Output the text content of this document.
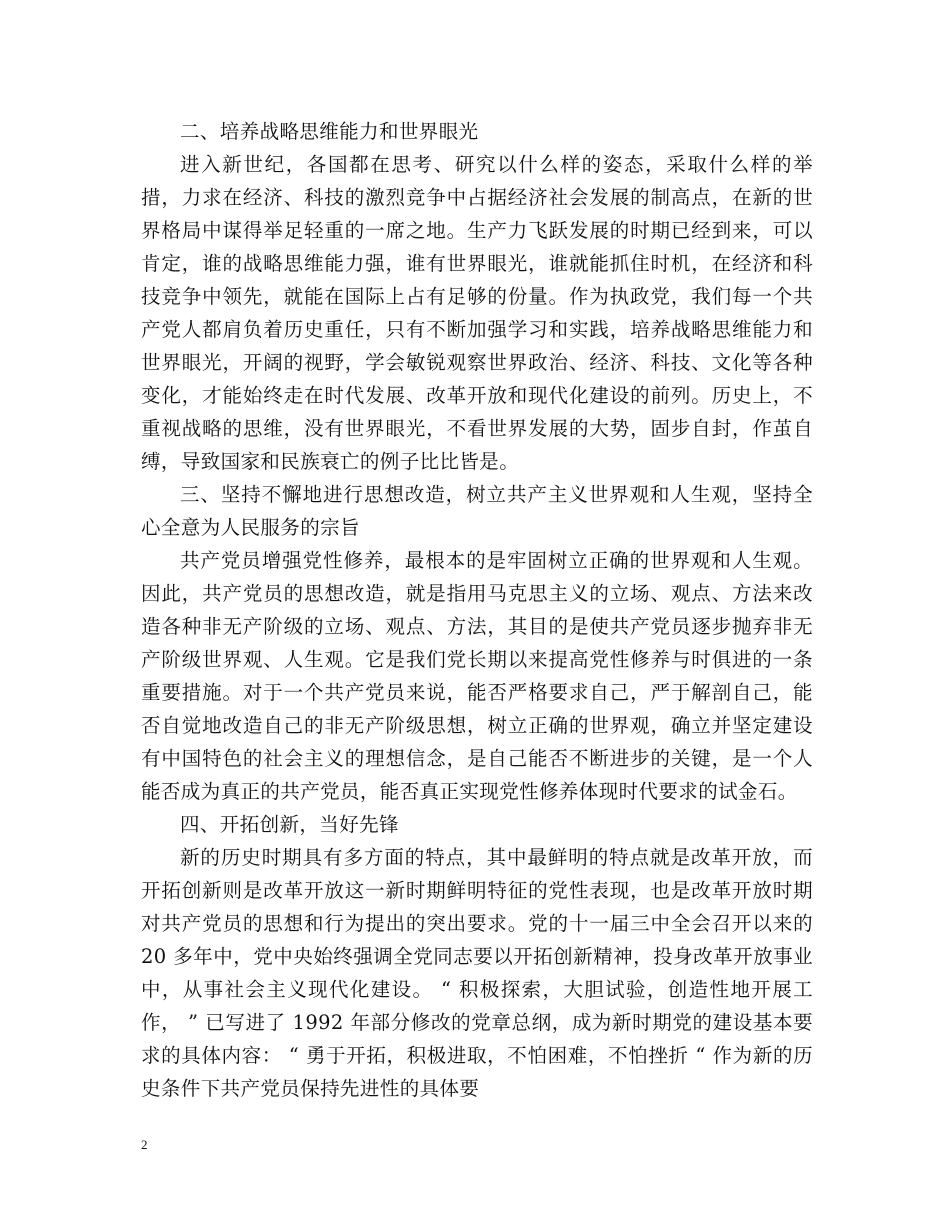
二、培养战略思维能力和世界眼光

进入新世纪，各国都在思考、研究以什么样的姿态，采取什么样的举措，力求在经济、科技的激烈竞争中占据经济社会发展的制高点，在新的世界格局中谋得举足轻重的一席之地。生产力飞跃发展的时期已经到来，可以肯定，谁的战略思维能力强，谁有世界眼光，谁就能抓住时机，在经济和科技竞争中领先，就能在国际上占有足够的份量。作为执政党，我们每一个共产党人都肩负着历史重任，只有不断加强学习和实践，培养战略思维能力和世界眼光，开阔的视野，学会敏锐观察世界政治、经济、科技、文化等各种变化，才能始终走在时代发展、改革开放和现代化建设的前列。历史上，不重视战略的思维，没有世界眼光，不看世界发展的大势，固步自封，作茧自缚，导致国家和民族衰亡的例子比比皆是。

三、坚持不懈地进行思想改造，树立共产主义世界观和人生观，坚持全心全意为人民服务的宗旨

共产党员增强党性修养，最根本的是牢固树立正确的世界观和人生观。因此，共产党员的思想改造，就是指用马克思主义的立场、观点、方法来改造各种非无产阶级的立场、观点、方法，其目的是使共产党员逐步抛弃非无产阶级世界观、人生观。它是我们党长期以来提高党性修养与时俱进的一条重要措施。对于一个共产党员来说，能否严格要求自己，严于解剖自己，能否自觉地改造自己的非无产阶级思想，树立正确的世界观，确立并坚定建设有中国特色的社会主义的理想信念，是自己能否不断进步的关键，是一个人能否成为真正的共产党员，能否真正实现党性修养体现时代要求的试金石。

四、开拓创新，当好先锋

新的历史时期具有多方面的特点，其中最鲜明的特点就是改革开放，而开拓创新则是改革开放这一新时期鲜明特征的党性表现，也是改革开放时期对共产党员的思想和行为提出的突出要求。党的十一届三中全会召开以来的 20 多年中，党中央始终强调全党同志要以开拓创新精神，投身改革开放事业中，从事社会主义现代化建设。 “ 积极探索，大胆试验，创造性地开展工作， ” 已写进了 1992 年部分修改的党章总纲，成为新时期党的建设基本要求的具体内容： “ 勇于开拓，积极进取，不怕困难，不怕挫折 “ 作为新的历史条件下共产党员保持先进性的具体要

2
